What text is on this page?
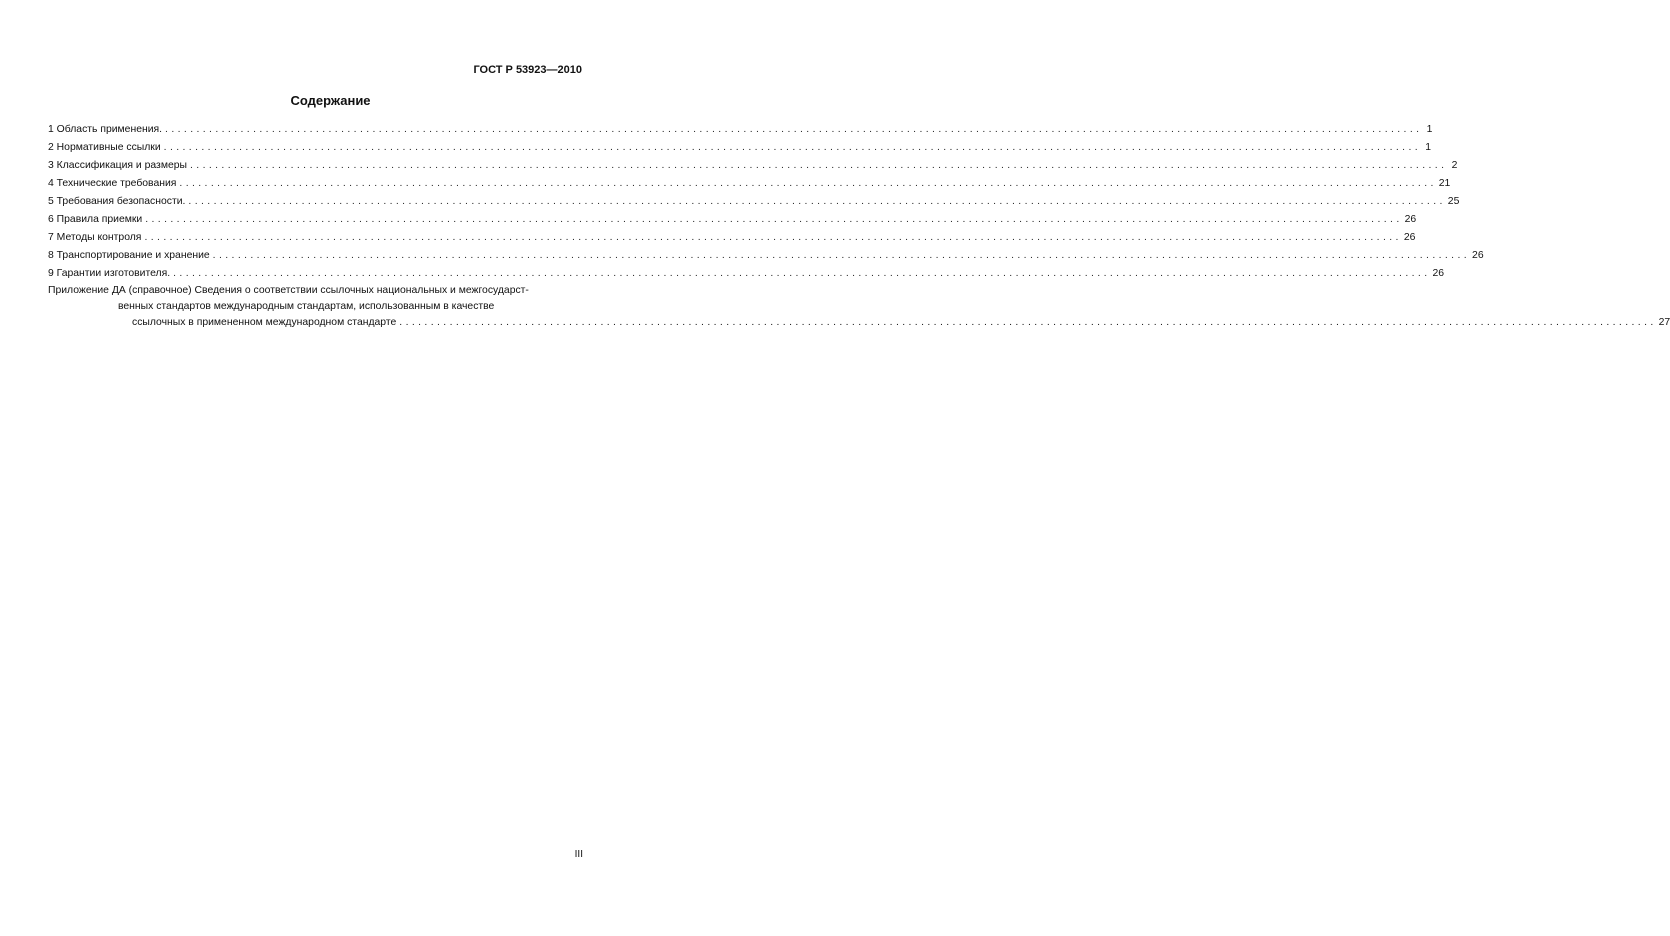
ГОСТ Р 53923—2010
Содержание
1 Область применения. ........................................................................................................................................................................................................ 1
2 Нормативные ссылки ........................................................................................................................................................................................................ 1
3 Классификация и размеры ........................................................................................................................................................................................................ 2
4 Технические требования ........................................................................................................................................................................................................ 21
5 Требования безопасности. ........................................................................................................................................................................................................ 25
6 Правила приемки ........................................................................................................................................................................................................ 26
7 Методы контроля ........................................................................................................................................................................................................ 26
8 Транспортирование и хранение ........................................................................................................................................................................................................ 26
9 Гарантии изготовителя. ........................................................................................................................................................................................................ 26
Приложение ДА (справочное) Сведения о соответствии ссылочных национальных и межгосударст-
венных стандартов международным стандартам, использованным в качестве
ссылочных в примененном международном стандарте ........................................................................................................................................................................................................ 27
III
